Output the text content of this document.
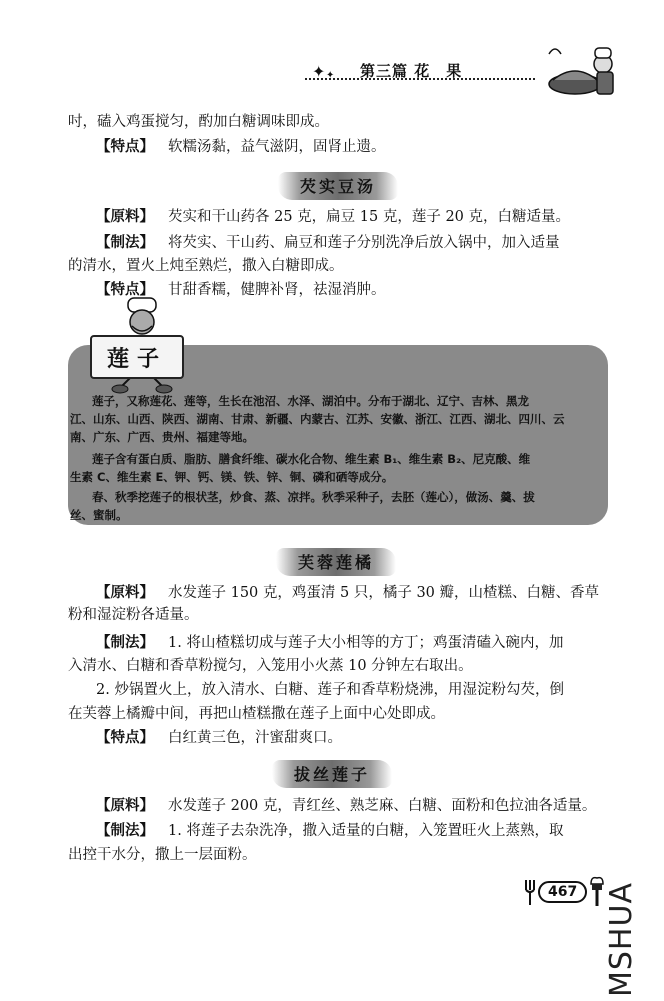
✦ ✦ 第三篇 花　果
吋，磕入鸡蛋搅匀，酌加白糖调味即成。
【特点】 软糯汤黏，益气滋阴，固肾止遗。
芡实豆汤
【原料】 芡实和干山药各 25 克，扁豆 15 克，莲子 20 克，白糖适量。
【制法】 将芡实、干山药、扁豆和莲子分别洗净后放入锅中，加入适量
的清水，置火上炖至熟烂，撒入白糖即成。
【特点】 甘甜香糯，健脾补肾，祛湿消肿。
莲子
莲子，又称莲花、莲等，生长在池沼、水泽、湖泊中。分布于湖北、辽宁、吉林、黑龙
江、山东、山西、陕西、湖南、甘肃、新疆、内蒙古、江苏、安徽、浙江、江西、湖北、四川、云
南、广东、广西、贵州、福建等地。
莲子含有蛋白质、脂肪、膳食纤维、碳水化合物、维生素 B₁、维生素 B₂、尼克酸、维
生素 C、维生素 E、钾、钙、镁、铁、锌、铜、磷和硒等成分。
春、秋季挖莲子的根状茎，炒食、蒸、凉拌。秋季采种子，去胚（莲心），做汤、羹、拔
丝、蜜制。
芙蓉莲橘
【原料】 水发莲子 150 克，鸡蛋清 5 只，橘子 30 瓣，山楂糕、白糖、香草
粉和湿淀粉各适量。
【制法】 1. 将山楂糕切成与莲子大小相等的方丁；鸡蛋清磕入碗内，加
入清水、白糖和香草粉搅匀，入笼用小火蒸 10 分钟左右取出。
2. 炒锅置火上，放入清水、白糖、莲子和香草粉烧沸，用湿淀粉勾芡，倒
在芙蓉上橘瓣中间，再把山楂糕撒在莲子上面中心处即成。
【特点】 白红黄三色，汁蜜甜爽口。
拔丝莲子
【原料】 水发莲子 200 克，青红丝、熟芝麻、白糖、面粉和色拉油各适量。
【制法】 1. 将莲子去杂洗净，撒入适量的白糖，入笼置旺火上蒸熟，取
出控干水分，撒上一层面粉。
467 MSHUA
